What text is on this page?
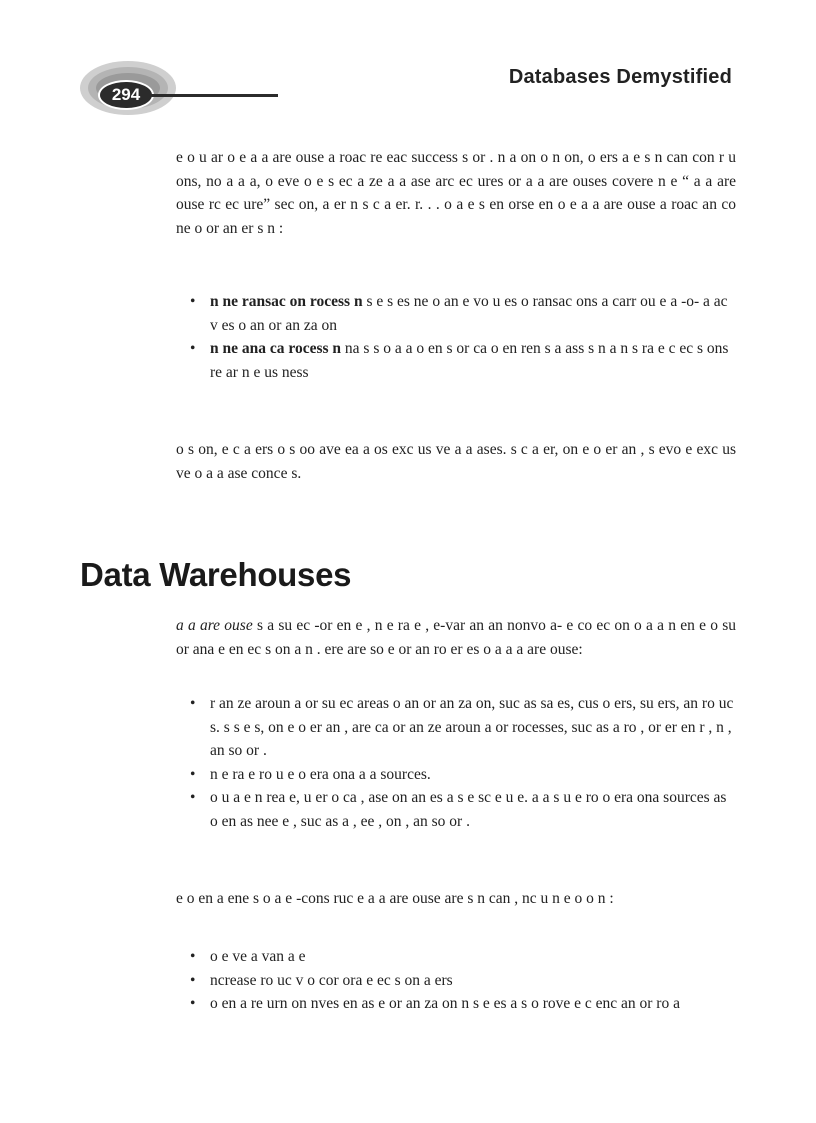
294
Databases Demystified

e o u ar o e a a are ouse a roac re eac success s or . n a on o n on, o ers a e s n can con r u ons, no a a a, o eve o e s ec a ze a a ase arc ec ures or a a are ouses covere n e “ a a are ouse rc ec ure” sec on, a er n s c a er. r. . . o a e s en orse en o e a a are ouse a roac an co ne o or an er s n :

• n ne ransac on rocess n s e s es ne o an e vo u es o ransac ons a carr ou e a -o- a ac v es o an or an za on
• n ne ana ca rocess n na s s o a a o en s or ca o en ren s a ass s n a n s ra e c ec s ons re ar n e us ness

o s on, e c a ers o s oo ave ea a os exc us ve a a ases. s c a er, on e o er an , s evo e exc us ve o a a ase conce s.

Data Warehouses

a a are ouse s a su ec -or en e , n e ra e , e-var an an nonvo a- e co ec on o a a n en e o su or ana e en ec s on a n . ere are so e or an ro er es o a a a are ouse:

• r an ze aroun a or su ec areas o an or an za on, suc as sa es, cus o ers, su ers, an ro uc s. s s e s, on e o er an , are ca or an ze aroun a or rocesses, suc as a ro , or er en r , n , an so or .
• n e ra e ro u e o era ona a a sources.
• o u a e n rea e, u er o ca , ase on an es a s e sc e u e. a a s u e ro o era ona sources as o en as nee e , suc as a , ee , on , an so or .

e o en a ene s o a e -cons ruc e a a are ouse are s n can , nc u n e o o n :

• o e ve a van a e
• ncrease ro uc v o cor ora e ec s on a ers
• o en a re urn on nves en as e or an za on n s e es a s o rove e c enc an or ro a
